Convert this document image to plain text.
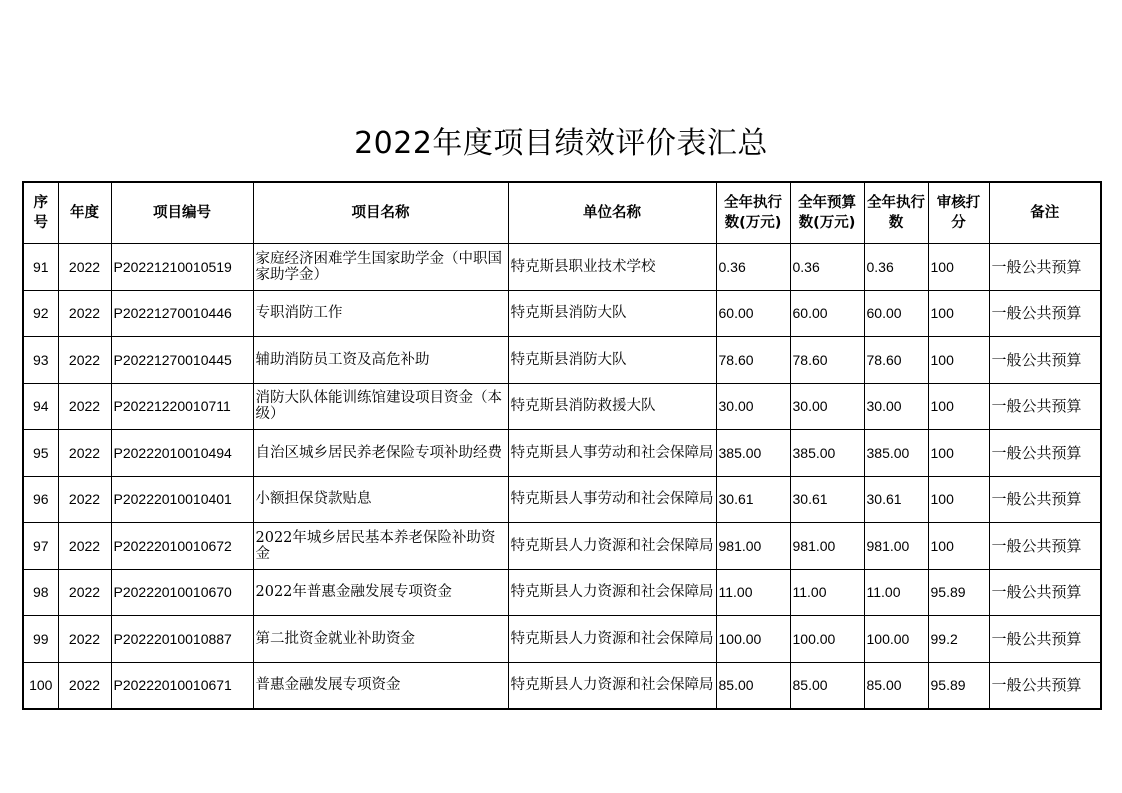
2022年度项目绩效评价表汇总
序号	年度	项目编号	项目名称	单位名称	全年执行数(万元)	全年预算数(万元)	全年执行数	审核打分	备注
91	2022	P20221210010519	家庭经济困难学生国家助学金（中职国家助学金）	特克斯县职业技术学校	0.36	0.36	0.36	100	一般公共预算
92	2022	P20221270010446	专职消防工作	特克斯县消防大队	60.00	60.00	60.00	100	一般公共预算
93	2022	P20221270010445	辅助消防员工资及高危补助	特克斯县消防大队	78.60	78.60	78.60	100	一般公共预算
94	2022	P20221220010711	消防大队体能训练馆建设项目资金（本级）	特克斯县消防救援大队	30.00	30.00	30.00	100	一般公共预算
95	2022	P20222010010494	自治区城乡居民养老保险专项补助经费	特克斯县人事劳动和社会保障局	385.00	385.00	385.00	100	一般公共预算
96	2022	P20222010010401	小额担保贷款贴息	特克斯县人事劳动和社会保障局	30.61	30.61	30.61	100	一般公共预算
97	2022	P20222010010672	2022年城乡居民基本养老保险补助资金	特克斯县人力资源和社会保障局	981.00	981.00	981.00	100	一般公共预算
98	2022	P20222010010670	2022年普惠金融发展专项资金	特克斯县人力资源和社会保障局	11.00	11.00	11.00	95.89	一般公共预算
99	2022	P20222010010887	第二批资金就业补助资金	特克斯县人力资源和社会保障局	100.00	100.00	100.00	99.2	一般公共预算
100	2022	P20222010010671	普惠金融发展专项资金	特克斯县人力资源和社会保障局	85.00	85.00	85.00	95.89	一般公共预算
